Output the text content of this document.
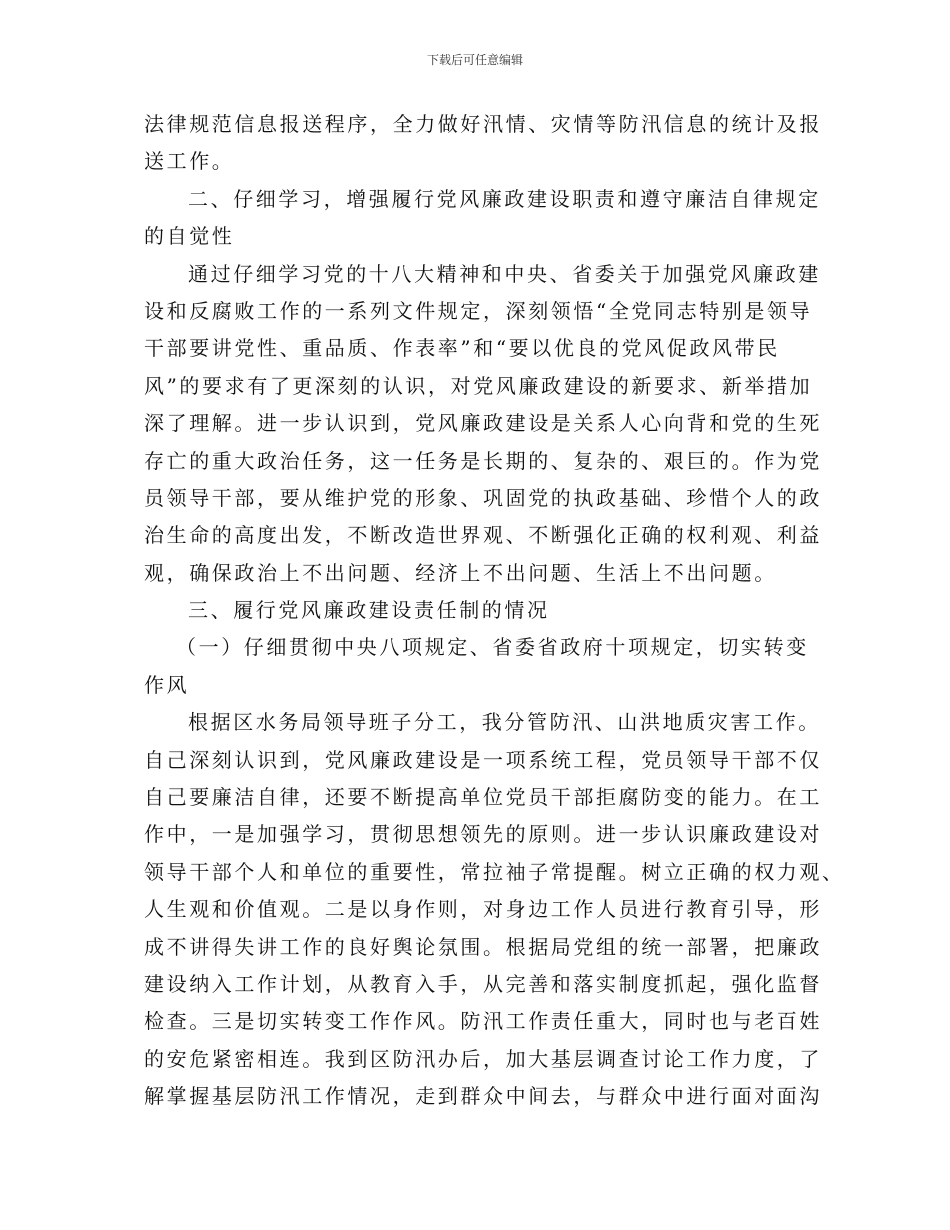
下载后可任意编辑
法律规范信息报送程序，全力做好汛情、灾情等防汛信息的统计及报
送工作。
二、仔细学习，增强履行党风廉政建设职责和遵守廉洁自律规定
的自觉性
通过仔细学习党的十八大精神和中央、省委关于加强党风廉政建
设和反腐败工作的一系列文件规定，深刻领悟“全党同志特别是领导
干部要讲党性、重品质、作表率”和“要以优良的党风促政风带民
风”的要求有了更深刻的认识，对党风廉政建设的新要求、新举措加
深了理解。进一步认识到，党风廉政建设是关系人心向背和党的生死
存亡的重大政治任务，这一任务是长期的、复杂的、艰巨的。作为党
员领导干部，要从维护党的形象、巩固党的执政基础、珍惜个人的政
治生命的高度出发，不断改造世界观、不断强化正确的权利观、利益
观，确保政治上不出问题、经济上不出问题、生活上不出问题。
三、履行党风廉政建设责任制的情况
（一）仔细贯彻中央八项规定、省委省政府十项规定，切实转变
作风
根据区水务局领导班子分工，我分管防汛、山洪地质灾害工作。
自己深刻认识到，党风廉政建设是一项系统工程，党员领导干部不仅
自己要廉洁自律，还要不断提高单位党员干部拒腐防变的能力。在工
作中，一是加强学习，贯彻思想领先的原则。进一步认识廉政建设对
领导干部个人和单位的重要性，常拉袖子常提醒。树立正确的权力观、
人生观和价值观。二是以身作则，对身边工作人员进行教育引导，形
成不讲得失讲工作的良好舆论氛围。根据局党组的统一部署，把廉政
建设纳入工作计划，从教育入手，从完善和落实制度抓起，强化监督
检查。三是切实转变工作作风。防汛工作责任重大，同时也与老百姓
的安危紧密相连。我到区防汛办后，加大基层调查讨论工作力度，了
解掌握基层防汛工作情况，走到群众中间去，与群众中进行面对面沟
